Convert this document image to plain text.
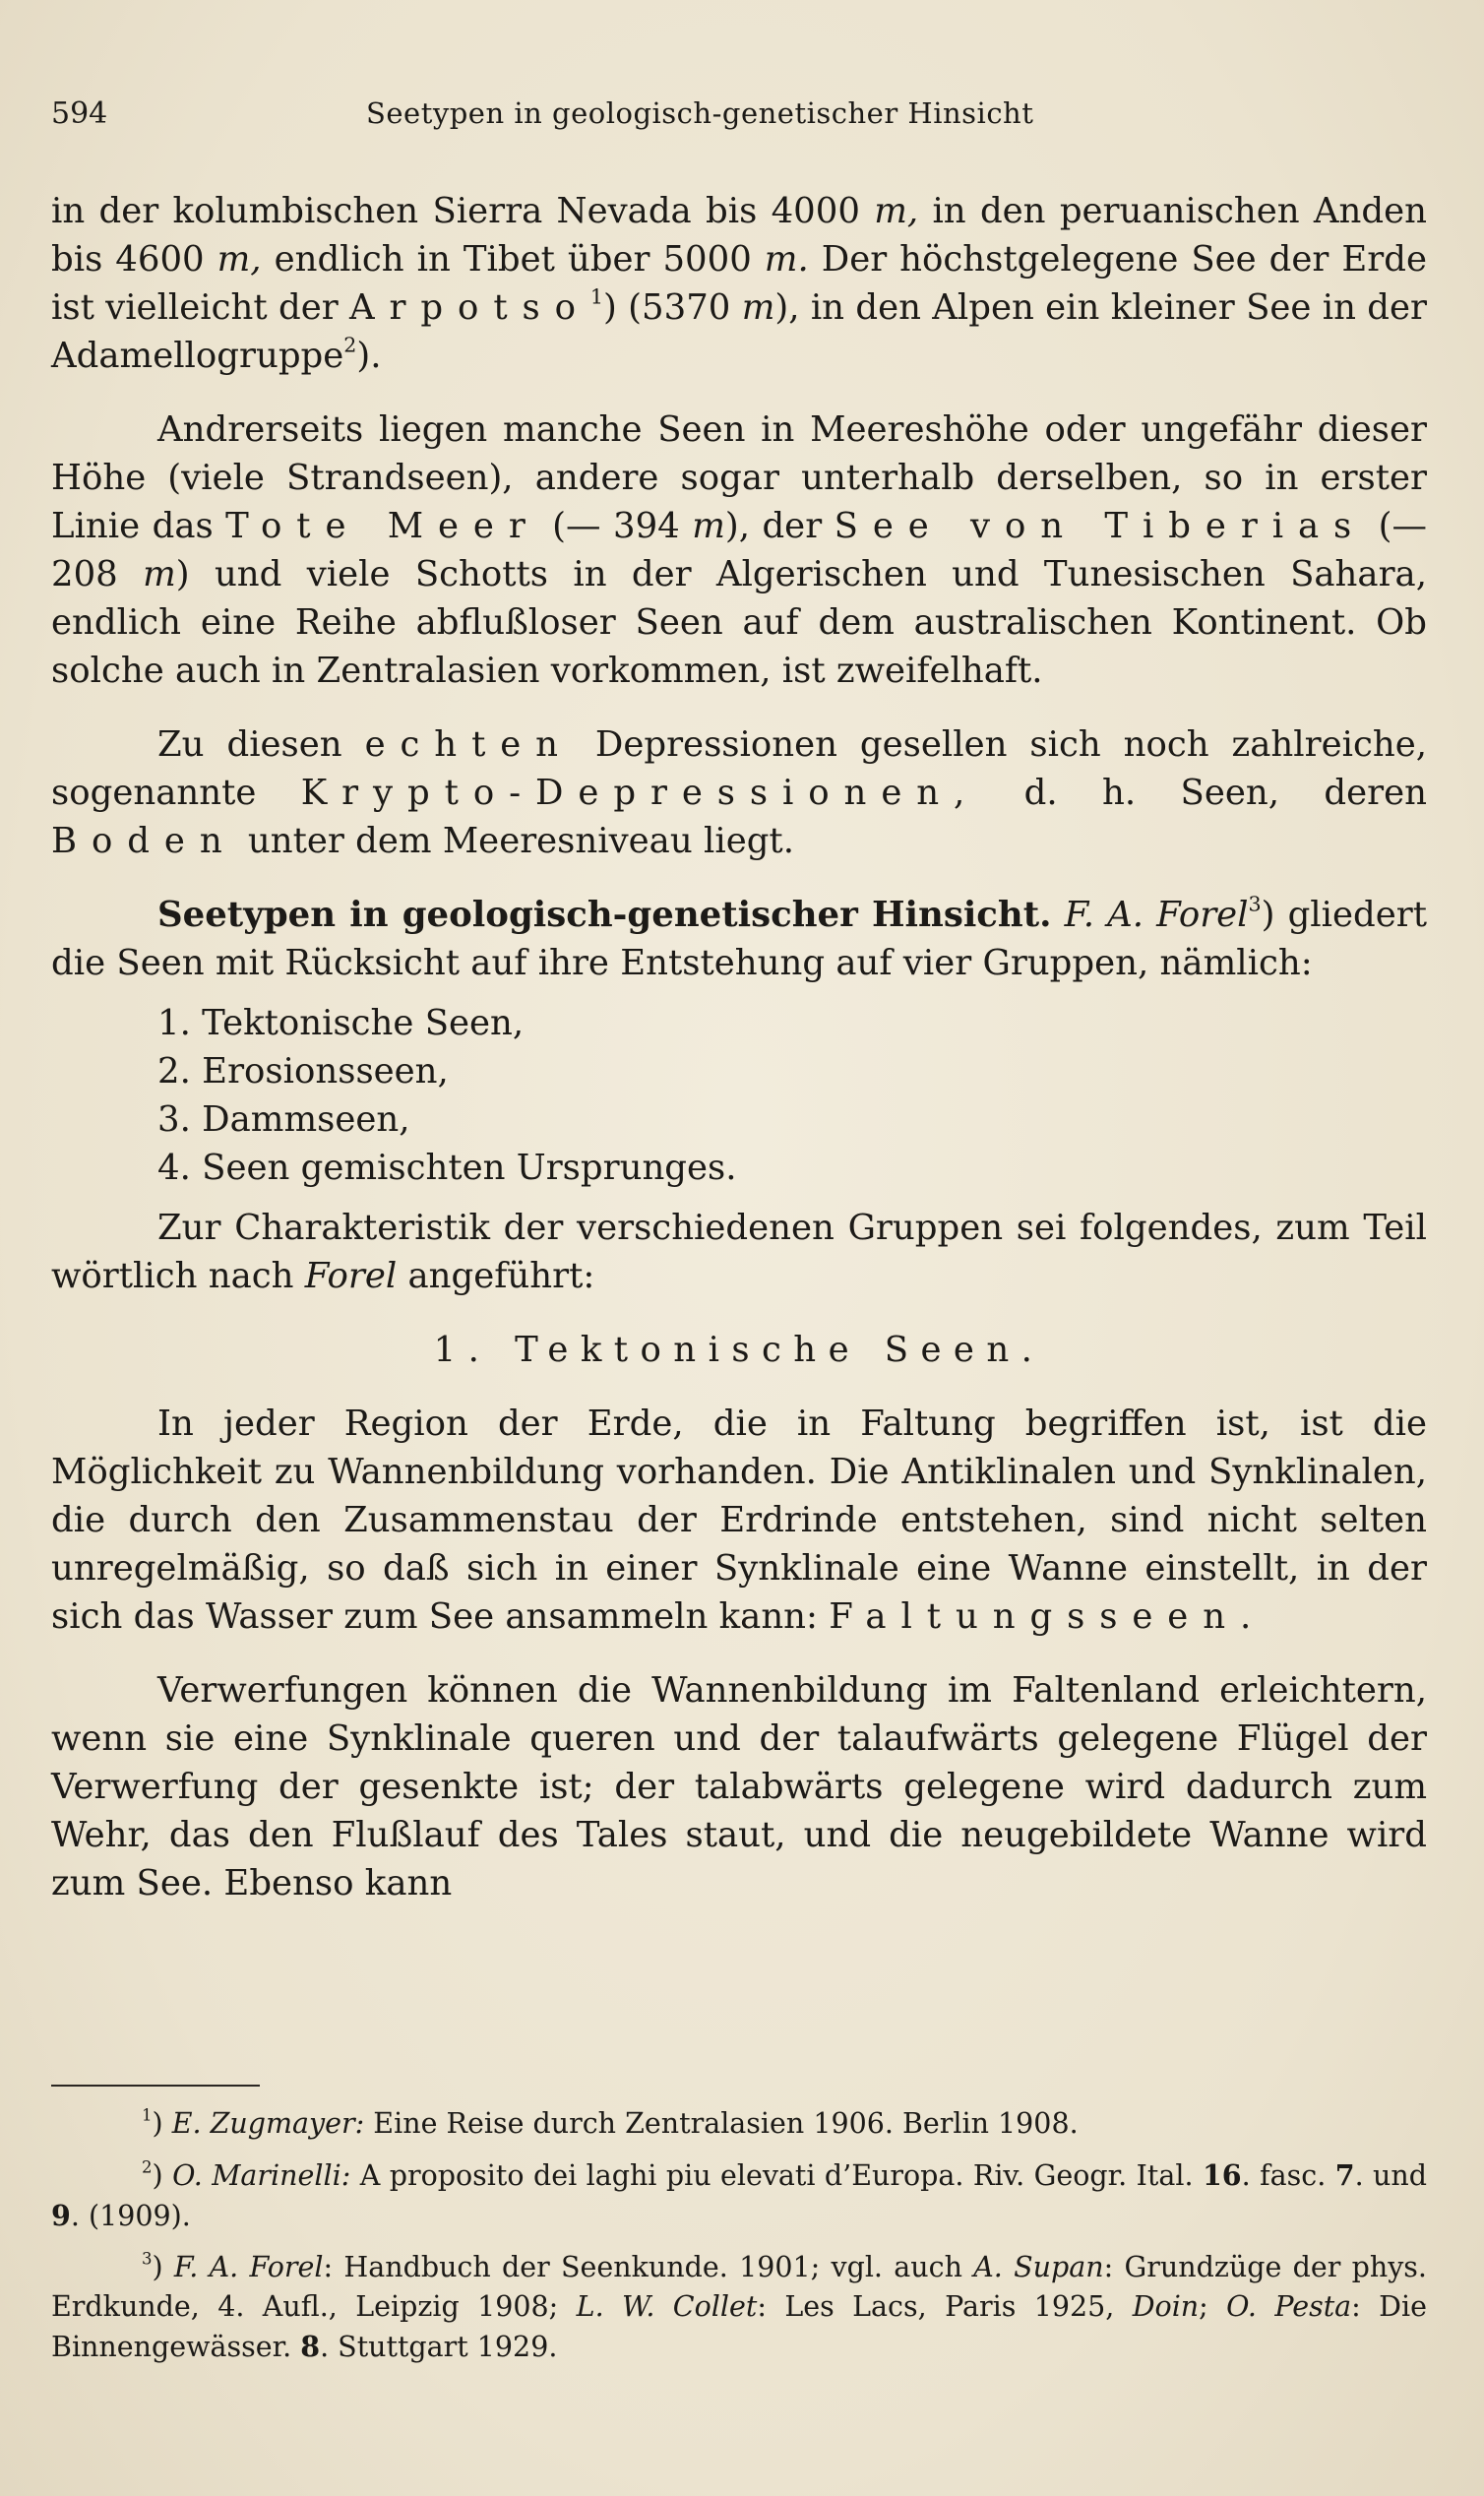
594	Seetypen in geologisch-genetischer Hinsicht

in der kolumbischen Sierra Nevada bis 4000 m, in den peruanischen Anden bis 4600 m, endlich in Tibet über 5000 m. Der höchstgelegene See der Erde ist vielleicht der Arpotso$^1$) (5370 m), in den Alpen ein kleiner See in der Adamellogruppe$^2$).

Andrerseits liegen manche Seen in Meereshöhe oder ungefähr dieser Höhe (viele Strandseen), andere sogar unterhalb derselben, so in erster Linie das Tote Meer (— 394 m), der See von Tiberias (— 208 m) und viele Schotts in der Algerischen und Tunesischen Sahara, endlich eine Reihe abflußloser Seen auf dem australischen Kontinent. Ob solche auch in Zentralasien vorkommen, ist zweifelhaft.

Zu diesen echten Depressionen gesellen sich noch zahlreiche, sogenannte Krypto-Depressionen, d. h. Seen, deren Boden unter dem Meeresniveau liegt.

Seetypen in geologisch-genetischer Hinsicht. F. A. Forel$^3$) gliedert die Seen mit Rücksicht auf ihre Entstehung auf vier Gruppen, nämlich:

1. Tektonische Seen,
2. Erosionsseen,
3. Dammseen,
4. Seen gemischten Ursprunges.

Zur Charakteristik der verschiedenen Gruppen sei folgendes, zum Teil wörtlich nach Forel angeführt:

1. Tektonische Seen.

In jeder Region der Erde, die in Faltung begriffen ist, ist die Möglichkeit zu Wannenbildung vorhanden. Die Antiklinalen und Synklinalen, die durch den Zusammenstau der Erdrinde entstehen, sind nicht selten unregelmäßig, so daß sich in einer Synklinale eine Wanne einstellt, in der sich das Wasser zum See ansammeln kann: Faltungsseen.

Verwerfungen können die Wannenbildung im Faltenland erleichtern, wenn sie eine Synklinale queren und der talaufwärts gelegene Flügel der Verwerfung der gesenkte ist; der talabwärts gelegene wird dadurch zum Wehr, das den Flußlauf des Tales staut, und die neugebildete Wanne wird zum See. Ebenso kann

$^1$) E. Zugmayer: Eine Reise durch Zentralasien 1906. Berlin 1908.

$^2$) O. Marinelli: A proposito dei laghi piu elevati d’Europa. Riv. Geogr. Ital. 16. fasc. 7. und 9. (1909).

$^3$) F. A. Forel: Handbuch der Seenkunde. 1901; vgl. auch A. Supan: Grundzüge der phys. Erdkunde, 4. Aufl., Leipzig 1908; L. W. Collet: Les Lacs, Paris 1925, Doin; O. Pesta: Die Binnengewässer. 8. Stuttgart 1929.
